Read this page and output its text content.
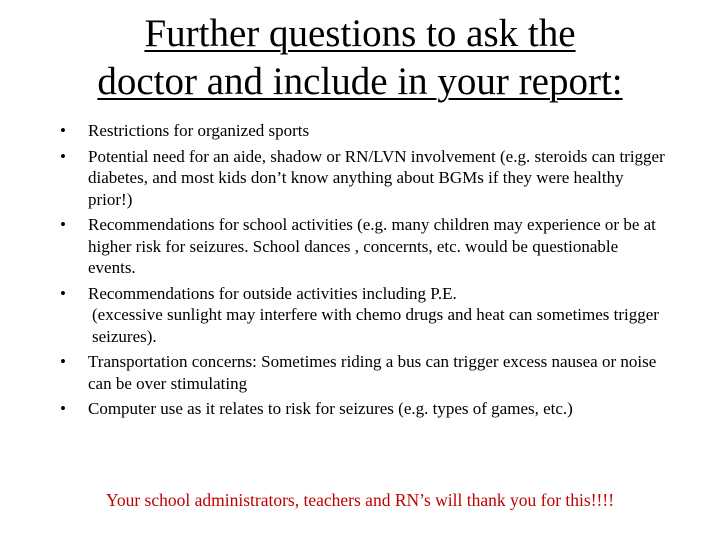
Further questions to ask the
doctor and include in your report:
• Restrictions for organized sports
• Potential need for an aide, shadow or RN/LVN involvement (e.g. steroids can trigger diabetes, and most kids don’t know anything about BGMs if they were healthy prior!)
• Recommendations for school activities (e.g. many children may experience or be at higher risk for seizures. School dances , concernts, etc. would be questionable events.
• Recommendations for outside activities including P.E.
(excessive sunlight may interfere with chemo drugs and heat can sometimes trigger seizures).
• Transportation concerns: Sometimes riding a bus can trigger excess nausea or noise can be over stimulating
• Computer use as it relates to risk for seizures (e.g. types of games, etc.)

Your school administrators, teachers and RN’s will thank you for this!!!!
